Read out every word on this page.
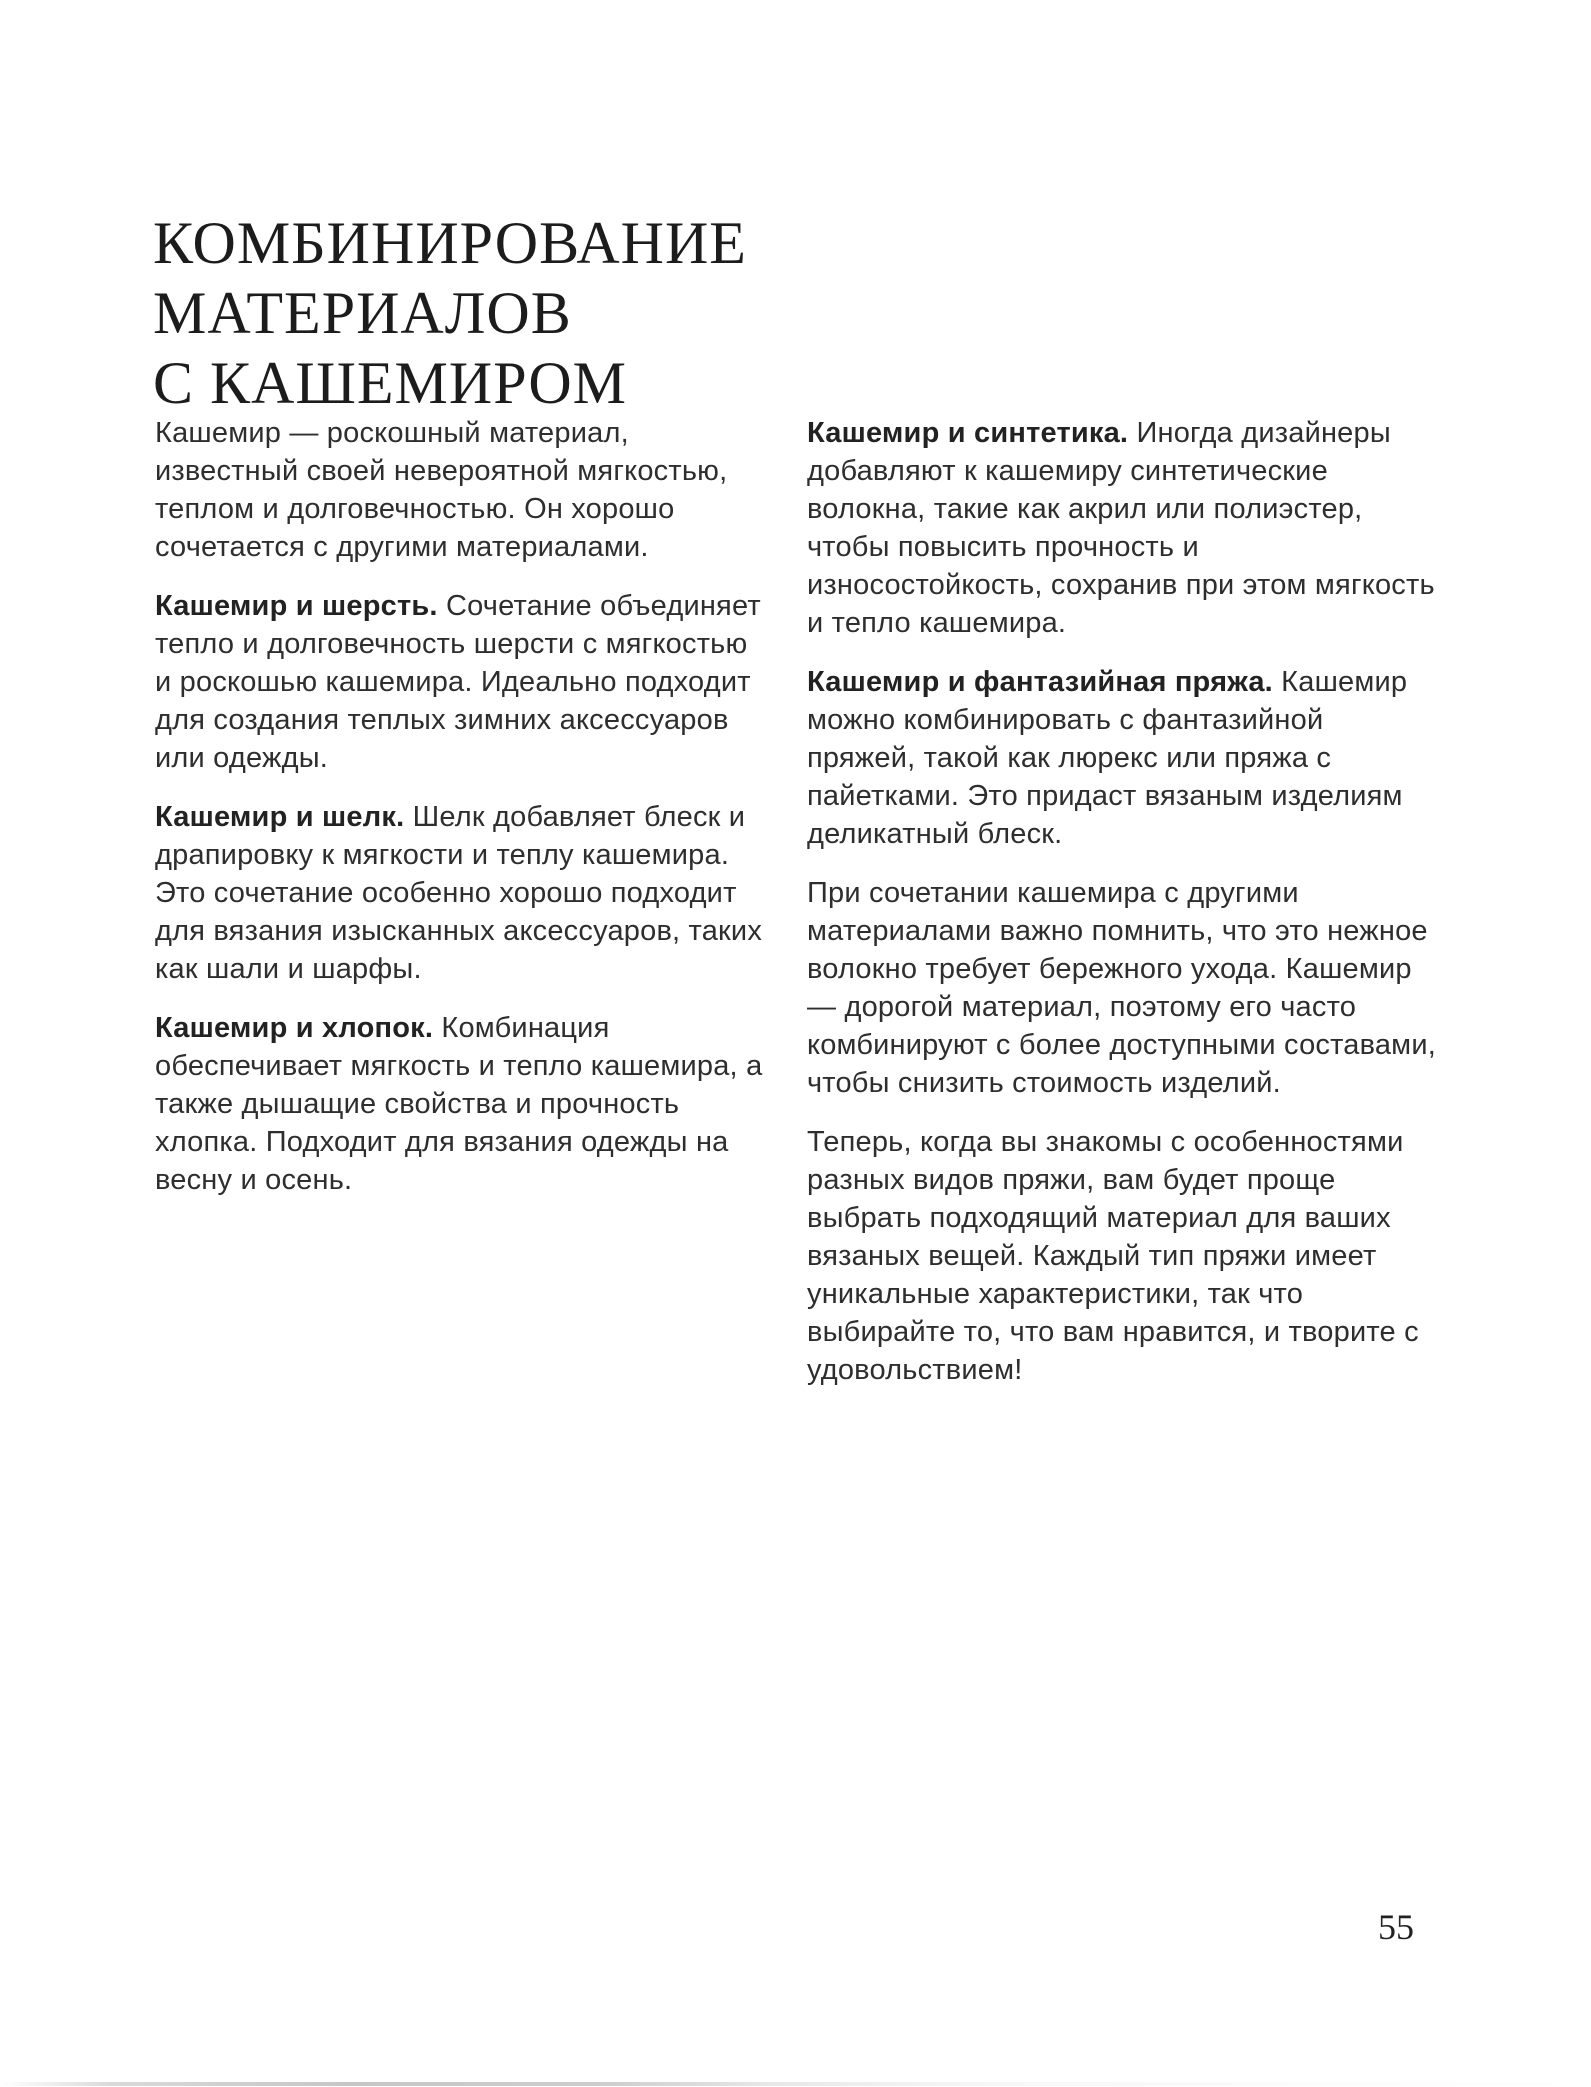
КОМБИНИРОВАНИЕ
МАТЕРИАЛОВ
С КАШЕМИРОМ

Кашемир — роскошный материал, известный своей невероятной мягкостью, теплом и долговечностью. Он хорошо сочетается с другими материалами.

Кашемир и шерсть. Сочетание объединяет тепло и долговечность шерсти с мягкостью и роскошью кашемира. Идеально подходит для создания теплых зимних аксессуаров или одежды.

Кашемир и шелк. Шелк добавляет блеск и драпировку к мягкости и теплу кашемира. Это сочетание особенно хорошо подходит для вязания изысканных аксессуаров, таких как шали и шарфы.

Кашемир и хлопок. Комбинация обеспечивает мягкость и тепло кашемира, а также дышащие свойства и прочность хлопка. Подходит для вязания одежды на весну и осень.

Кашемир и синтетика. Иногда дизайнеры добавляют к кашемиру синтетические волокна, такие как акрил или полиэстер, чтобы повысить прочность и износостойкость, сохранив при этом мягкость и тепло кашемира.

Кашемир и фантазийная пряжа. Кашемир можно комбинировать с фантазийной пряжей, такой как люрекс или пряжа с пайетками. Это придаст вязаным изделиям деликатный блеск.

При сочетании кашемира с другими материалами важно помнить, что это нежное волокно требует бережного ухода. Кашемир — дорогой материал, поэтому его часто комбинируют с более доступными составами, чтобы снизить стоимость изделий.

Теперь, когда вы знакомы с особенностями разных видов пряжи, вам будет проще выбрать подходящий материал для ваших вязаных вещей. Каждый тип пряжи имеет уникальные характеристики, так что выбирайте то, что вам нравится, и творите с удовольствием!

55
